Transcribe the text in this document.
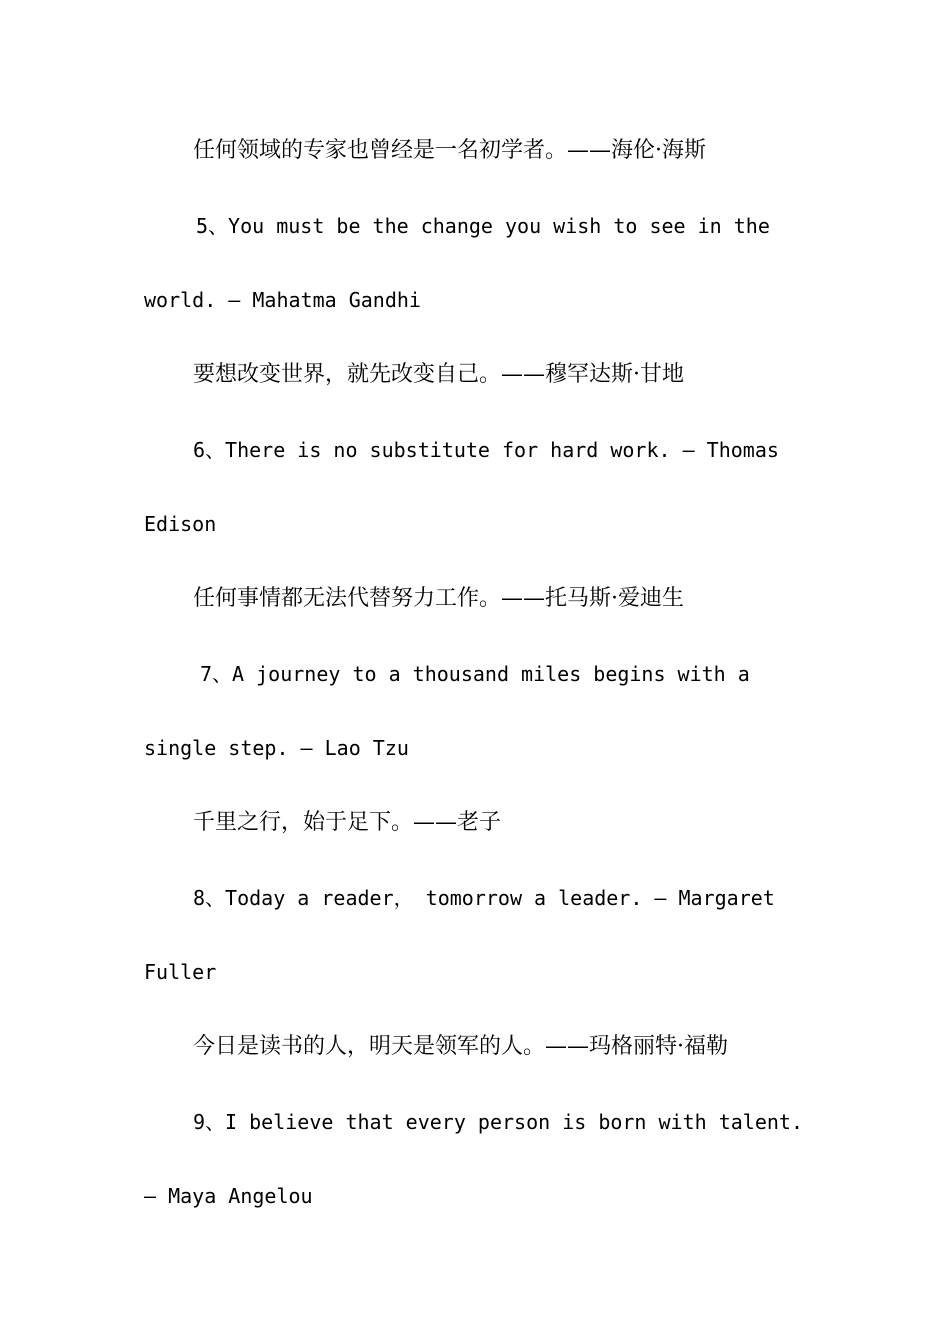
任何领域的专家也曾经是一名初学者。——海伦·海斯
5、You must be the change you wish to see in the
world. – Mahatma Gandhi
要想改变世界，就先改变自己。——穆罕达斯·甘地
6、There is no substitute for hard work. – Thomas
Edison
任何事情都无法代替努力工作。——托马斯·爱迪生
7、A journey to a thousand miles begins with a
single step. – Lao Tzu
千里之行，始于足下。——老子
8、Today a reader， tomorrow a leader. – Margaret
Fuller
今日是读书的人，明天是领军的人。——玛格丽特·福勒
9、I believe that every person is born with talent.
– Maya Angelou
